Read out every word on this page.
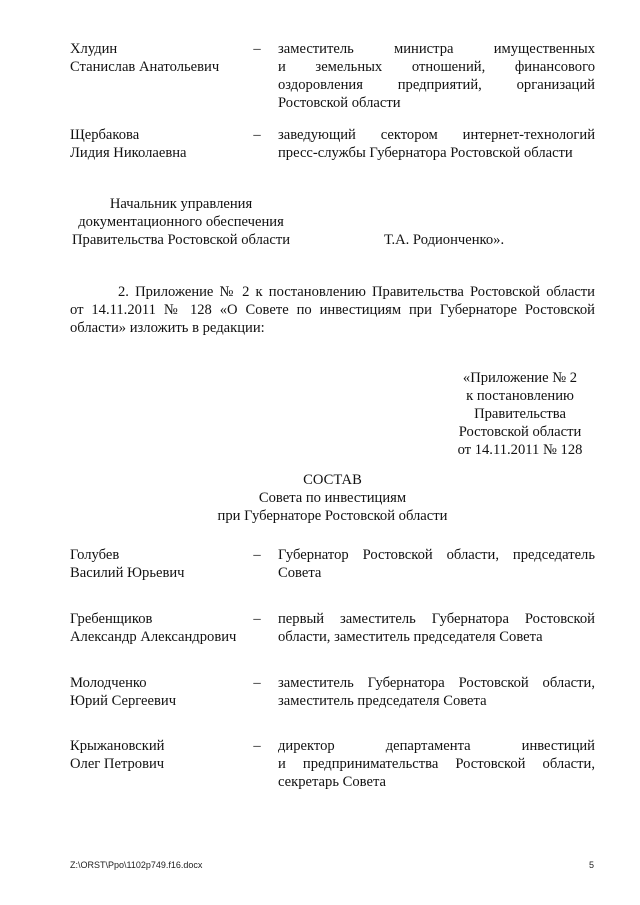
Хлудин
Станислав Анатольевич
– заместитель министра имущественных
и земельных отношений, финансового
оздоровления предприятий, организаций
Ростовской области
Щербакова
Лидия Николаевна
– заведующий сектором интернет-технологий
пресс-службы Губернатора Ростовской области
Начальник управления
документационного обеспечения
Правительства Ростовской области	Т.А. Родионченко».
2. Приложение № 2 к постановлению Правительства Ростовской области
от 14.11.2011 № 128 «О Совете по инвестициям при Губернаторе Ростовской
области» изложить в редакции:
«Приложение № 2
к постановлению
Правительства
Ростовской области
от 14.11.2011 № 128
СОСТАВ
Совета по инвестициям
при Губернаторе Ростовской области
Голубев
Василий Юрьевич
– Губернатор Ростовской области, председатель
Совета
Гребенщиков
Александр Александрович
– первый заместитель Губернатора Ростовской
области, заместитель председателя Совета
Молодченко
Юрий Сергеевич
– заместитель Губернатора Ростовской области,
заместитель председателя Совета
Крыжановский
Олег Петрович
– директор департамента инвестиций
и предпринимательства Ростовской области,
секретарь Совета
Z:\ORST\Ppo\1102p749.f16.docx	5
